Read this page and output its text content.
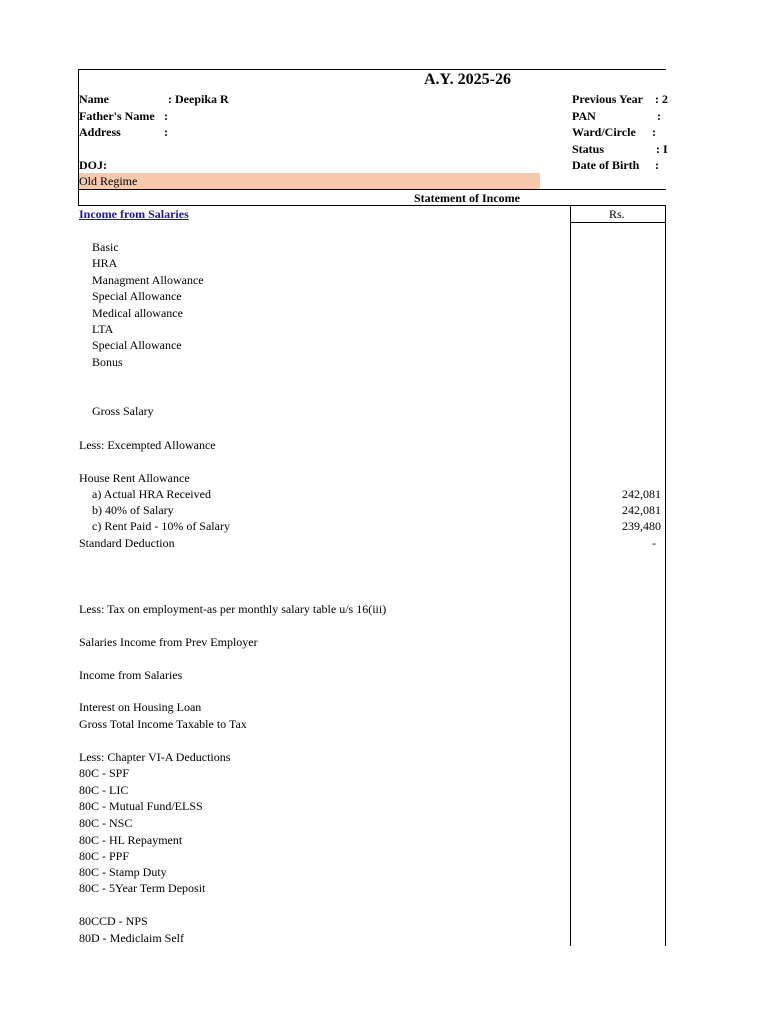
A.Y. 2025-26
Name	: Deepika R
Father's Name :
Address	:
DOJ:
Previous Year : 2
PAN	:
Ward/Circle :
Status	: I
Date of Birth :
Old Regime
Statement of Income
Income from Salaries	Rs.
Basic
HRA
Managment Allowance
Special Allowance
Medical allowance
LTA
Special Allowance
Bonus
Gross Salary
Less: Excempted Allowance
House Rent Allowance
a) Actual HRA Received	242,081
b) 40% of Salary	242,081
c) Rent Paid - 10% of Salary	239,480
Standard Deduction	-
Less: Tax on employment-as per monthly salary table u/s 16(iii)
Salaries Income from Prev Employer
Income from Salaries
Interest on Housing Loan
Gross Total Income Taxable to Tax
Less: Chapter VI-A Deductions
80C - SPF
80C - LIC
80C - Mutual Fund/ELSS
80C - NSC
80C - HL Repayment
80C - PPF
80C - Stamp Duty
80C - 5Year Term Deposit
80CCD - NPS
80D - Mediclaim Self
